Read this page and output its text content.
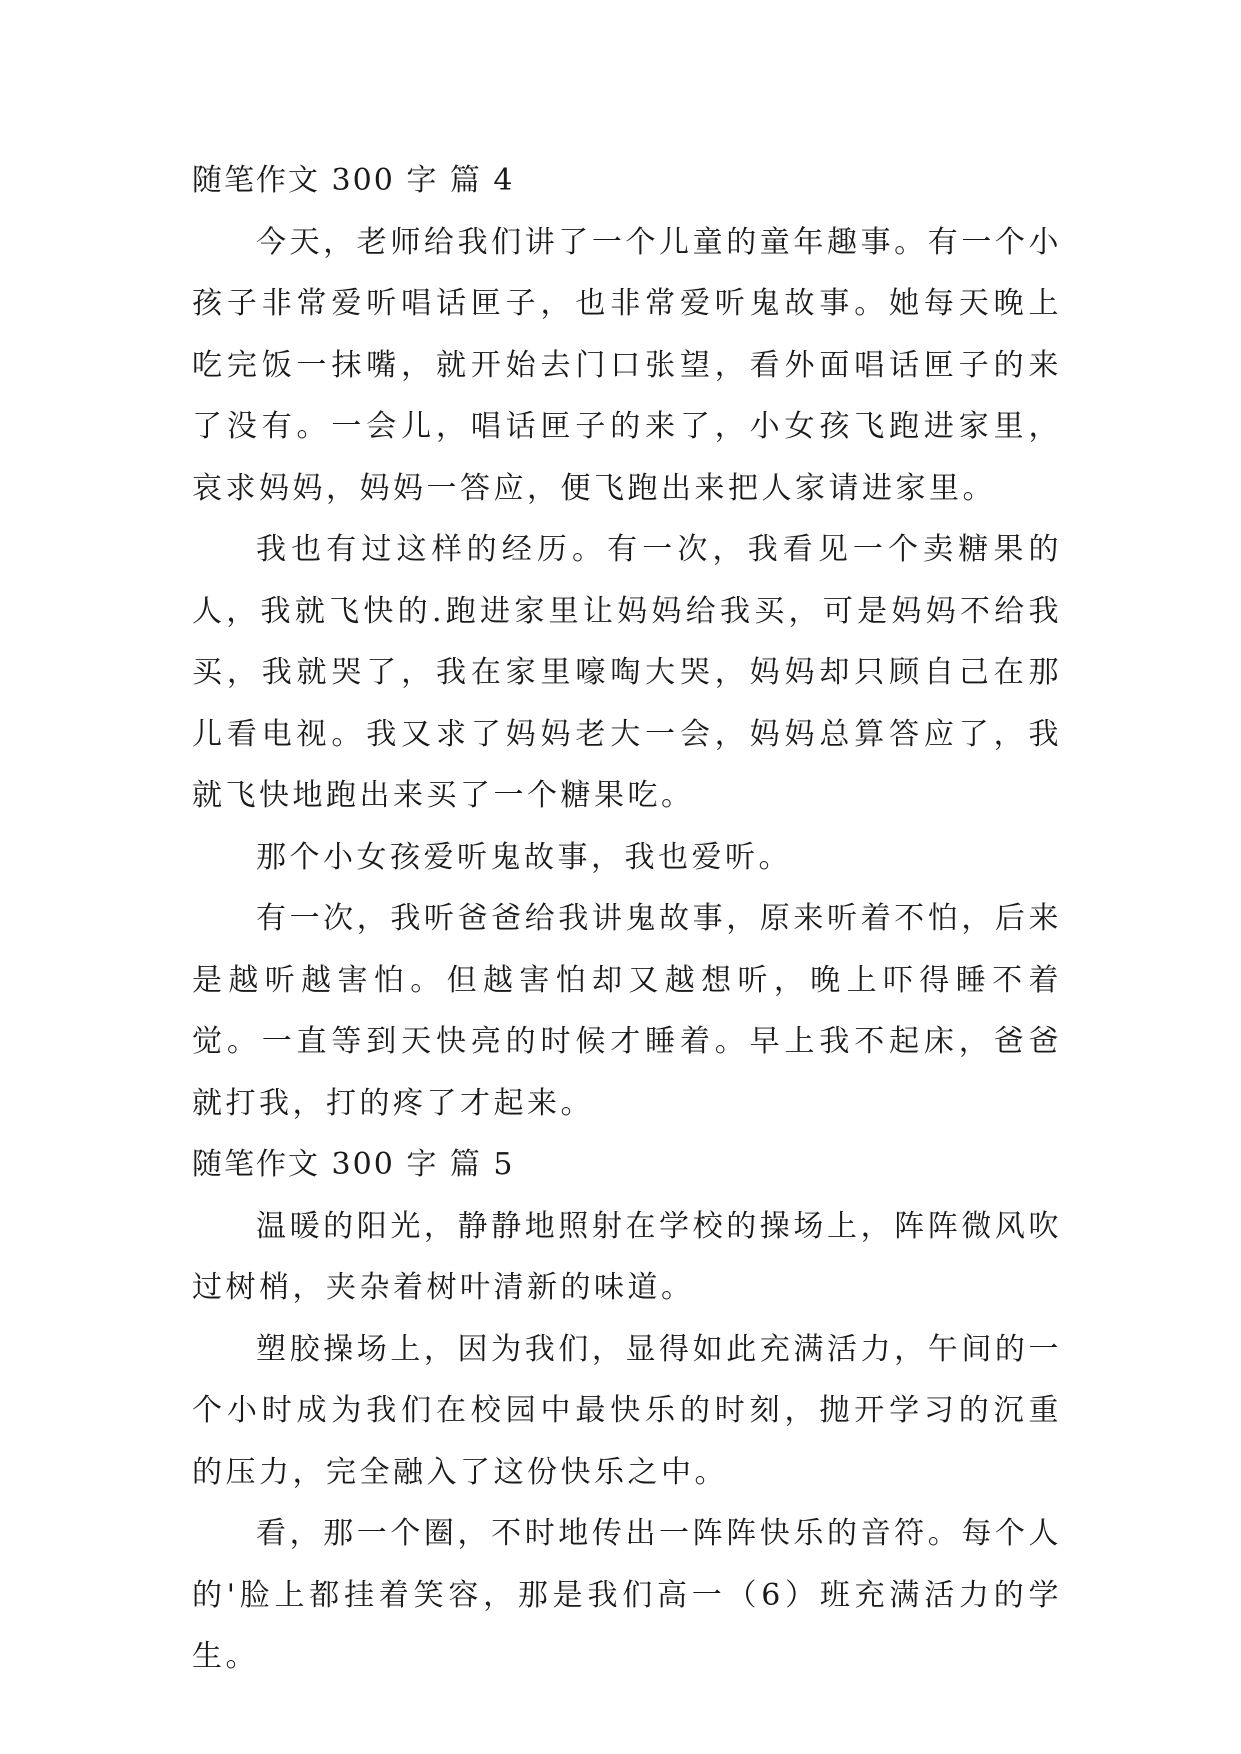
随笔作文 300 字 篇 4

今天，老师给我们讲了一个儿童的童年趣事。有一个小孩子非常爱听唱话匣子，也非常爱听鬼故事。她每天晚上吃完饭一抹嘴，就开始去门口张望，看外面唱话匣子的来了没有。一会儿，唱话匣子的来了，小女孩飞跑进家里，哀求妈妈，妈妈一答应，便飞跑出来把人家请进家里。

我也有过这样的经历。有一次，我看见一个卖糖果的人，我就飞快的.跑进家里让妈妈给我买，可是妈妈不给我买，我就哭了，我在家里嚎啕大哭，妈妈却只顾自己在那儿看电视。我又求了妈妈老大一会，妈妈总算答应了，我就飞快地跑出来买了一个糖果吃。

那个小女孩爱听鬼故事，我也爱听。

有一次，我听爸爸给我讲鬼故事，原来听着不怕，后来是越听越害怕。但越害怕却又越想听，晚上吓得睡不着觉。一直等到天快亮的时候才睡着。早上我不起床，爸爸就打我，打的疼了才起来。

随笔作文 300 字 篇 5

温暖的阳光，静静地照射在学校的操场上，阵阵微风吹过树梢，夹杂着树叶清新的味道。

塑胶操场上，因为我们，显得如此充满活力，午间的一个小时成为我们在校园中最快乐的时刻，抛开学习的沉重的压力，完全融入了这份快乐之中。

看，那一个圈，不时地传出一阵阵快乐的音符。每个人的'脸上都挂着笑容，那是我们高一（6）班充满活力的学生。
